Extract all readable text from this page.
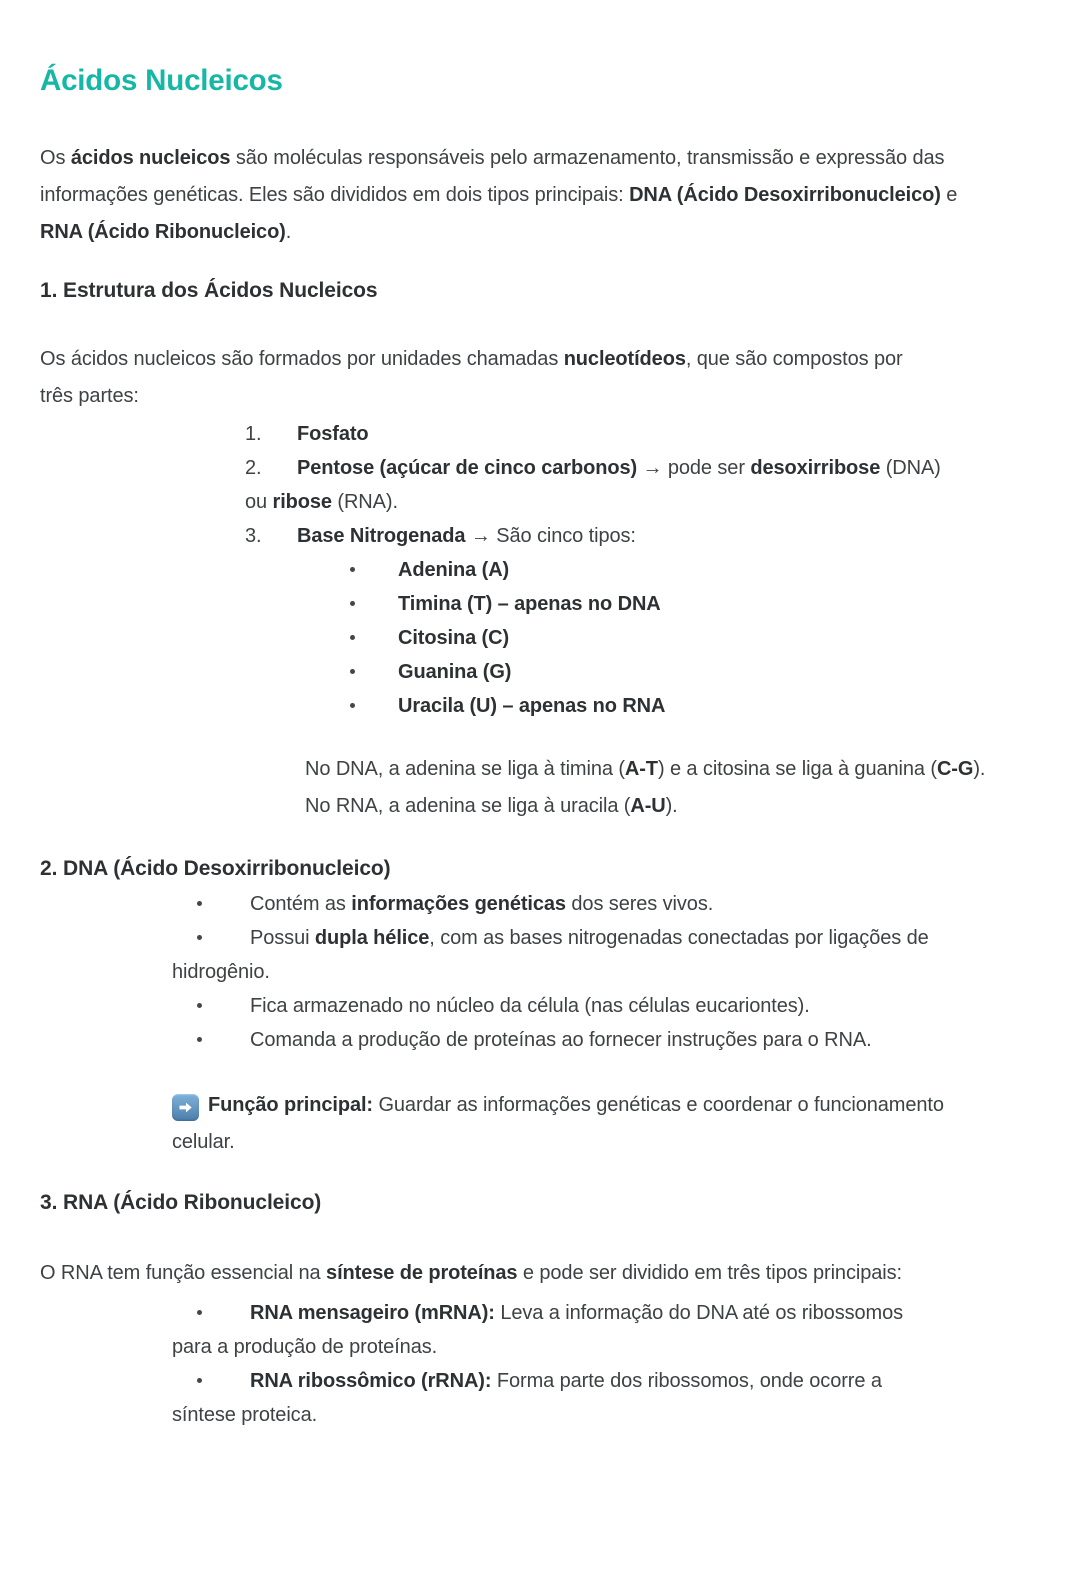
Ácidos Nucleicos

Os ácidos nucleicos são moléculas responsáveis pelo armazenamento, transmissão e expressão das informações genéticas. Eles são divididos em dois tipos principais: DNA (Ácido Desoxirribonucleico) e RNA (Ácido Ribonucleico).

1. Estrutura dos Ácidos Nucleicos

Os ácidos nucleicos são formados por unidades chamadas nucleotídeos, que são compostos por três partes:

1. Fosfato
2. Pentose (açúcar de cinco carbonos) → pode ser desoxirribose (DNA) ou ribose (RNA).
3. Base Nitrogenada → São cinco tipos:
Adenina (A)
Timina (T) – apenas no DNA
Citosina (C)
Guanina (G)
Uracila (U) – apenas no RNA

No DNA, a adenina se liga à timina (A-T) e a citosina se liga à guanina (C-G). No RNA, a adenina se liga à uracila (A-U).

2. DNA (Ácido Desoxirribonucleico)
Contém as informações genéticas dos seres vivos.
Possui dupla hélice, com as bases nitrogenadas conectadas por ligações de hidrogênio.
Fica armazenado no núcleo da célula (nas células eucariontes).
Comanda a produção de proteínas ao fornecer instruções para o RNA.
Função principal: Guardar as informações genéticas e coordenar o funcionamento celular.
3. RNA (Ácido Ribonucleico)

O RNA tem função essencial na síntese de proteínas e pode ser dividido em três tipos principais:

RNA mensageiro (mRNA): Leva a informação do DNA até os ribossomos para a produção de proteínas.
RNA ribossômico (rRNA): Forma parte dos ribossomos, onde ocorre a síntese proteica.
